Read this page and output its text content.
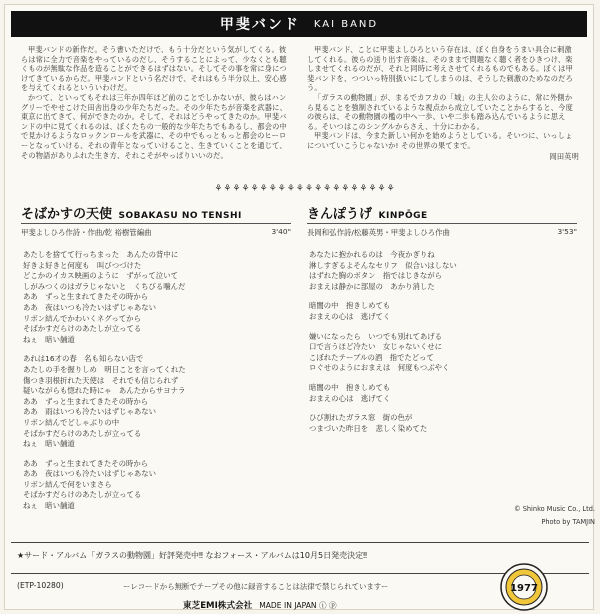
甲斐バンド KAI BAND

甲斐バンドの新作だ。そう書いただけで、もう十分だという気がしてくる。彼らは常に全力で音楽をやっているのだし、そうすることによって、少なくとも聴くものが無駄な作品を造ることができるはずはない。そしてその事を常に身につけてきているからだ。甲斐バンドという名だけで、それはもう半分以上、安心感を与えてくれるといういわけだ。

かつて、といってもそれは三年か四年ほど前のことでしかないが、彼らはハングリーでやせこけた田舎出身の少年たちだった。その少年たちが音楽を武器に、東京に出てきて、何ができたのか。そして、それはどうやってきたのか。甲斐バンドの中に見てくれるのは、ぼくたちの一般的な少年たちでもあるし、都会の中で見かけるようなロックンロールを武器に、その中でもっともっと都会のヒーローとなっていける、それの青年となっていけること、生きていくことを通じて、その物語がありふれた生き方、それこそがやっぱりいいのだ。

甲斐バンド、ことに甲斐よしひろという存在は、ぼく自身をうまい具合に刺激してくれる。彼らの送り出す音楽は、そのままで問題なく聴く者をひきつけ、楽しませてくれるのだが、それと同時に考えさせてくれるものでもある。ぼくは甲斐バンドを、つついっ特別扱いにしてしまうのは、そうした刺激のためなのだろう。

「ガラスの動物園」が、まるでカフカの「城」の主人公のように、常に外側から見ることを強制されているような視点から成立していたことからすると、今度の彼らは、その動物園の檻の中へ一歩、いや二歩も踏み込んでいるように思える。そいつはこのシングルからさえ、十分にわかる。

甲斐バンドは、今また新しい何かを始めようとしている。そいつに、いっしょについていこうじゃないか! その世界の果てまで。

岡田英明
⚘⚘⚘⚘⚘⚘⚘⚘⚘⚘⚘⚘⚘⚘⚘⚘⚘⚘⚘⚘
そばかすの天使 SOBAKASU NO TENSHI
甲斐よしひろ作詩・作曲/乾 裕樹管編曲	3'40"
きんぽうげ KINPŌGE
長岡和弘作詩/松藤英男・甲斐よしひろ作曲	3'53"
あたしを捨てて行っちまった　あんたの背中に
好きよ好きと何度も　叫びつづけた
どこかのイカス映画のように　ずがって泣いて
しがみつくのはガラじゃないと　くちびる噛んだ
ああ　ずっと生まれてきたその時から
ああ　夜はいつも冷たいはずじゃあない
リボン結んでかわいくネグってから
そばかすだらけのあたしが立ってる
ねぇ　暗い舗道
あれは16才の春　名も知らない店で
あたしの手を握りしめ　明日ことを言ってくれた
傷つき羽根折れた天使は　それでも信じられず
疑いながらも惚れた時にゃ　あんたからサヨナラ
ああ　ずっと生まれてきたその時から
ああ　雨はいつも冷たいはずじゃあない
リボン結んでどしゃぶりの中
そばかすだらけのあたしが立ってる
ねぇ　暗い舗道
ああ　ずっと生まれてきたその時から
ああ　夜はいつも冷たいはずじゃあない
リボン結んで何をいまさら
そばかすだらけのあたしが立ってる
ねぇ　暗い舗道
あなたに抱かれるのは　今夜かぎりね
淋しすぎるよそんなセリフ　似合いはしない
はずれた胸のボタン　指ではじきながら
おまえは静かに部屋の　あかり消した
暗闇の中　抱きしめても
おまえの心は　逃げてく
嫌いになったら　いつでも別れてあげる
口で言うほど冷たい　女じゃないくせに
こぼれたテーブルの酒　指でたどって
ロぐせのようにおまえは　何度もつぶやく
暗闇の中　抱きしめても
おまえの心は　逃げてく
ひび割れたガラス窓　街の色が
つまづいた昨日を　悲しく染めてた
© Shinko Music Co., Ltd.
Photo by TAMJIN
★サード・アルバム「ガラスの動物園」好評発売中‼ なおフォース・アルバムは10月5日発売決定‼
(ETP-10280)	ーレコードから無断でテープその他に録音することは法律で禁じられていますー
東芝EMI株式会社 MADE IN JAPAN ⓘ ⓟ
1977
